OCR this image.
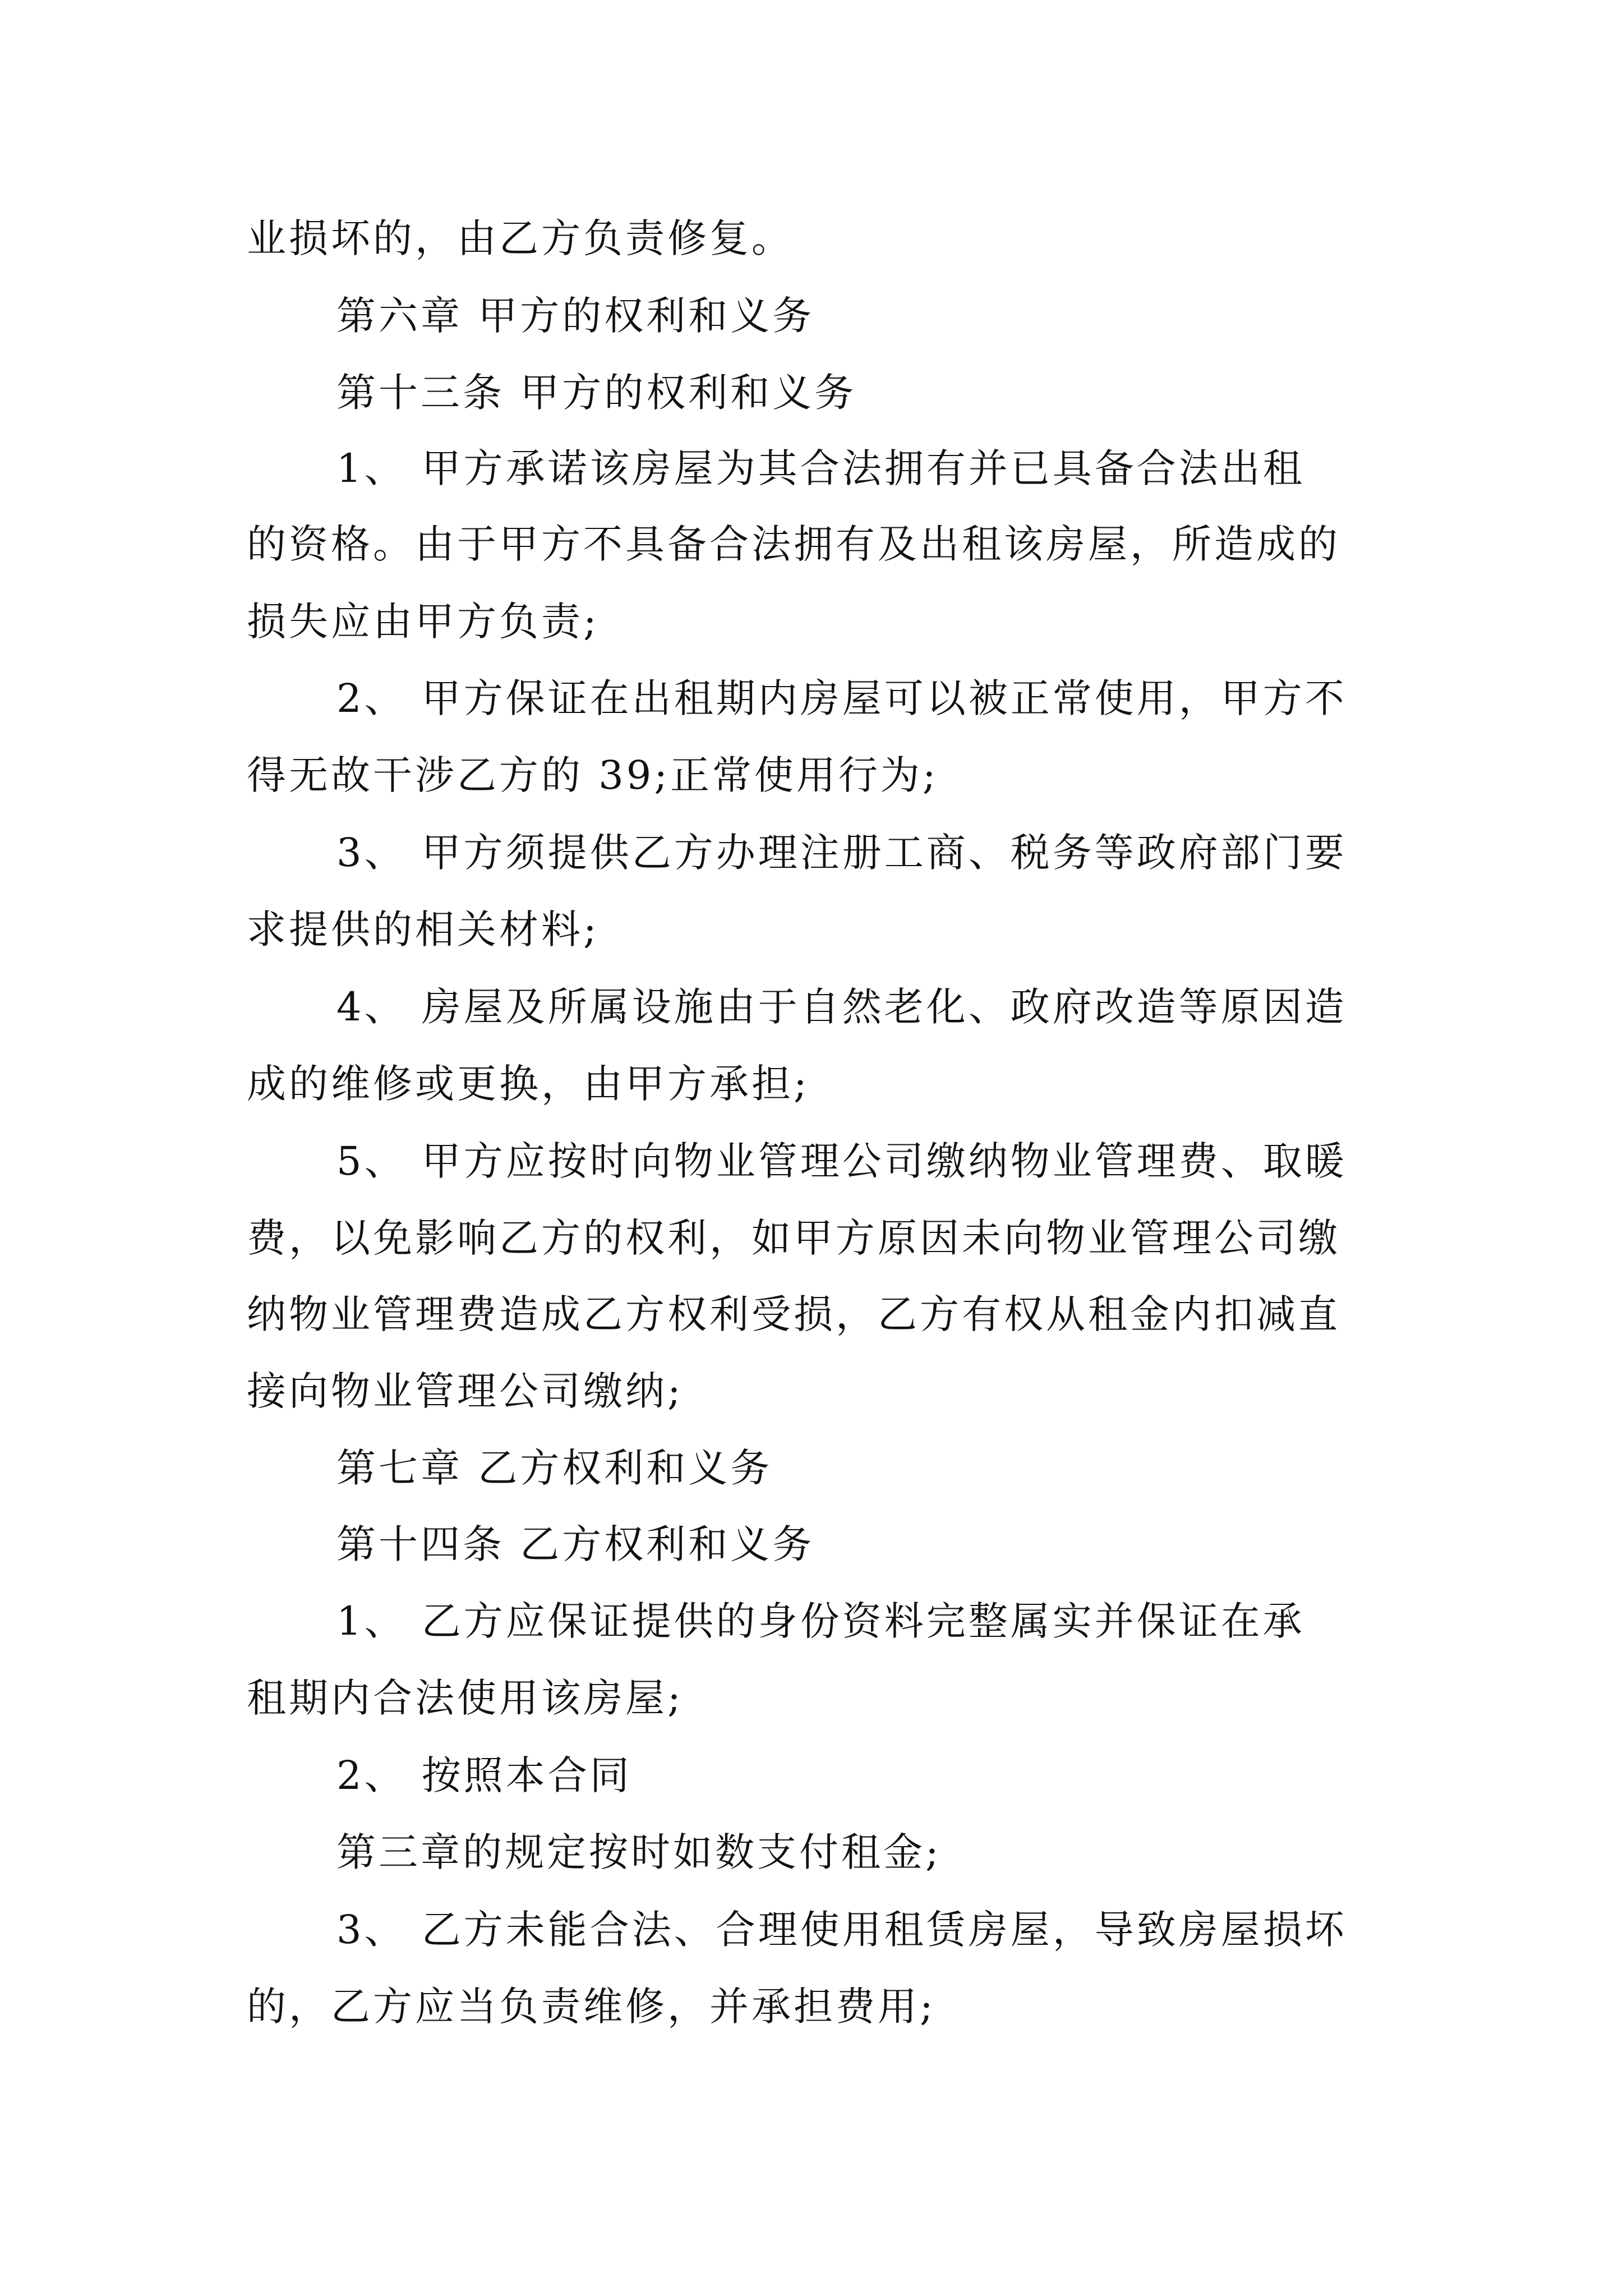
业损坏的，由乙方负责修复。
第六章 甲方的权利和义务
第十三条 甲方的权利和义务
1、 甲方承诺该房屋为其合法拥有并已具备合法出租
的资格。由于甲方不具备合法拥有及出租该房屋，所造成的
损失应由甲方负责;
2、 甲方保证在出租期内房屋可以被正常使用，甲方不
得无故干涉乙方的 39;正常使用行为;
3、 甲方须提供乙方办理注册工商、税务等政府部门要
求提供的相关材料;
4、 房屋及所属设施由于自然老化、政府改造等原因造
成的维修或更换，由甲方承担;
5、 甲方应按时向物业管理公司缴纳物业管理费、取暖
费，以免影响乙方的权利，如甲方原因未向物业管理公司缴
纳物业管理费造成乙方权利受损，乙方有权从租金内扣减直
接向物业管理公司缴纳;
第七章 乙方权利和义务
第十四条 乙方权利和义务
1、 乙方应保证提供的身份资料完整属实并保证在承
租期内合法使用该房屋;
2、 按照本合同
第三章的规定按时如数支付租金;
3、 乙方未能合法、合理使用租赁房屋，导致房屋损坏
的，乙方应当负责维修，并承担费用;
